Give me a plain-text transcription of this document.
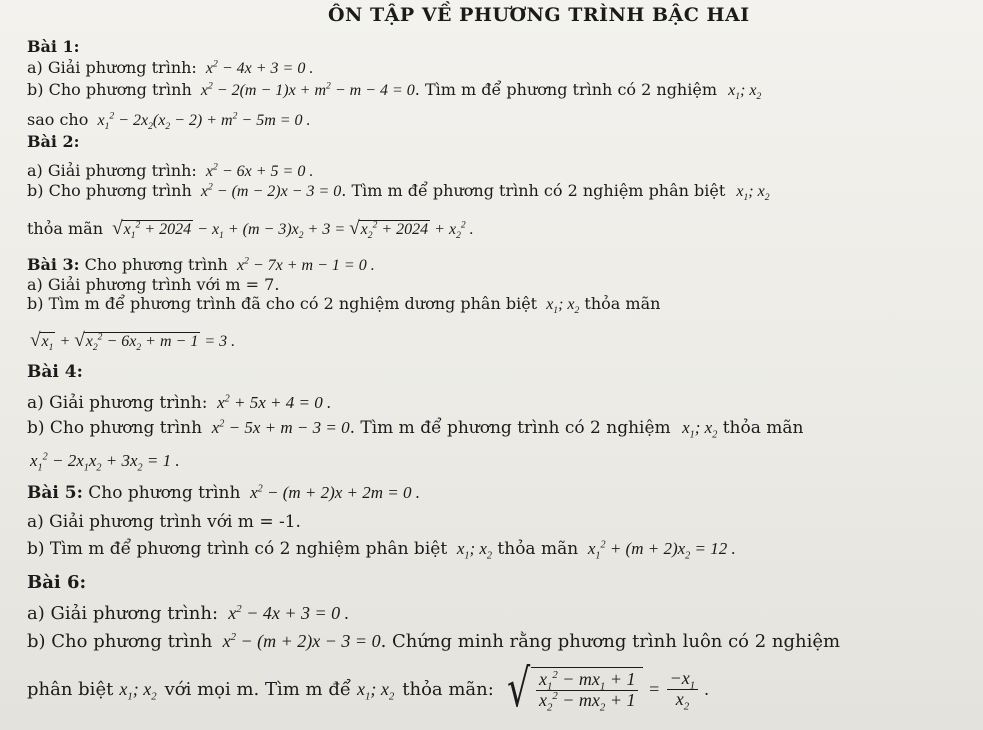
ÔN TẬP VỀ PHƯƠNG TRÌNH BẬC HAI
Bài 1:
a) Giải phương trình:  $x^2 - 4x + 3 = 0$ .
b) Cho phương trình  $x^2 - 2(m - 1)x + m^2 - m - 4 = 0$. Tìm m để phương trình có 2 nghiệm $x_1$; $x_2$
sao cho  $x_1^2 - 2x_2(x_2 - 2) + m^2 - 5m = 0$ .
Bài 2:
a) Giải phương trình:  $x^2 - 6x + 5 = 0$ .
b) Cho phương trình  $x^2 - (m - 2)x - 3 = 0$. Tìm m để phương trình có 2 nghiệm phân biệt $x_1$; $x_2$
thỏa mãn $√x_1^2 + 2024 - x_1 + (m - 3)x_2 + 3 = √x_2^2 + 2024 + x_2^2$ .
Bài 3: Cho phương trình  $x^2 - 7x + m - 1 = 0$ .
a) Giải phương trình với m = 7.
b) Tìm m để phương trình đã cho có 2 nghiệm dương phân biệt  $x_1$; $x_2$ thỏa mãn
$√x_1 + √x_2^2 - 6x_2 + m - 1 = 3$ .
Bài 4:
a) Giải phương trình:  $x^2 + 5x + 4 = 0$ .
b) Cho phương trình  $x^2 - 5x + m - 3 = 0$. Tìm m để phương trình có 2 nghiệm $x_1$; $x_2$ thỏa mãn
$x_1^2 - 2x_1x_2 + 3x_2 = 1$ .
Bài 5: Cho phương trình  $x^2 - (m + 2)x + 2m = 0$ .
a) Giải phương trình với m = -1.
b) Tìm m để phương trình có 2 nghiệm phân biệt  $x_1$; $x_2$ thỏa mãn  $x_1^2 + (m + 2)x_2 = 12$ .
Bài 6:
a) Giải phương trình:  $x^2 - 4x + 3 = 0$ .
b) Cho phương trình  $x^2 - (m + 2)x - 3 = 0$. Chứng minh rằng phương trình luôn có 2 nghiệm
phân biệt $x_1$; $x_2$ với mọi m. Tìm m để $x_1$; $x_2$ thỏa mãn: √ $\frac{x_1^2 - mx_1 + 1}{x_2^2 - mx_2 + 1} = \frac{-x_1}{x_2}$ .
